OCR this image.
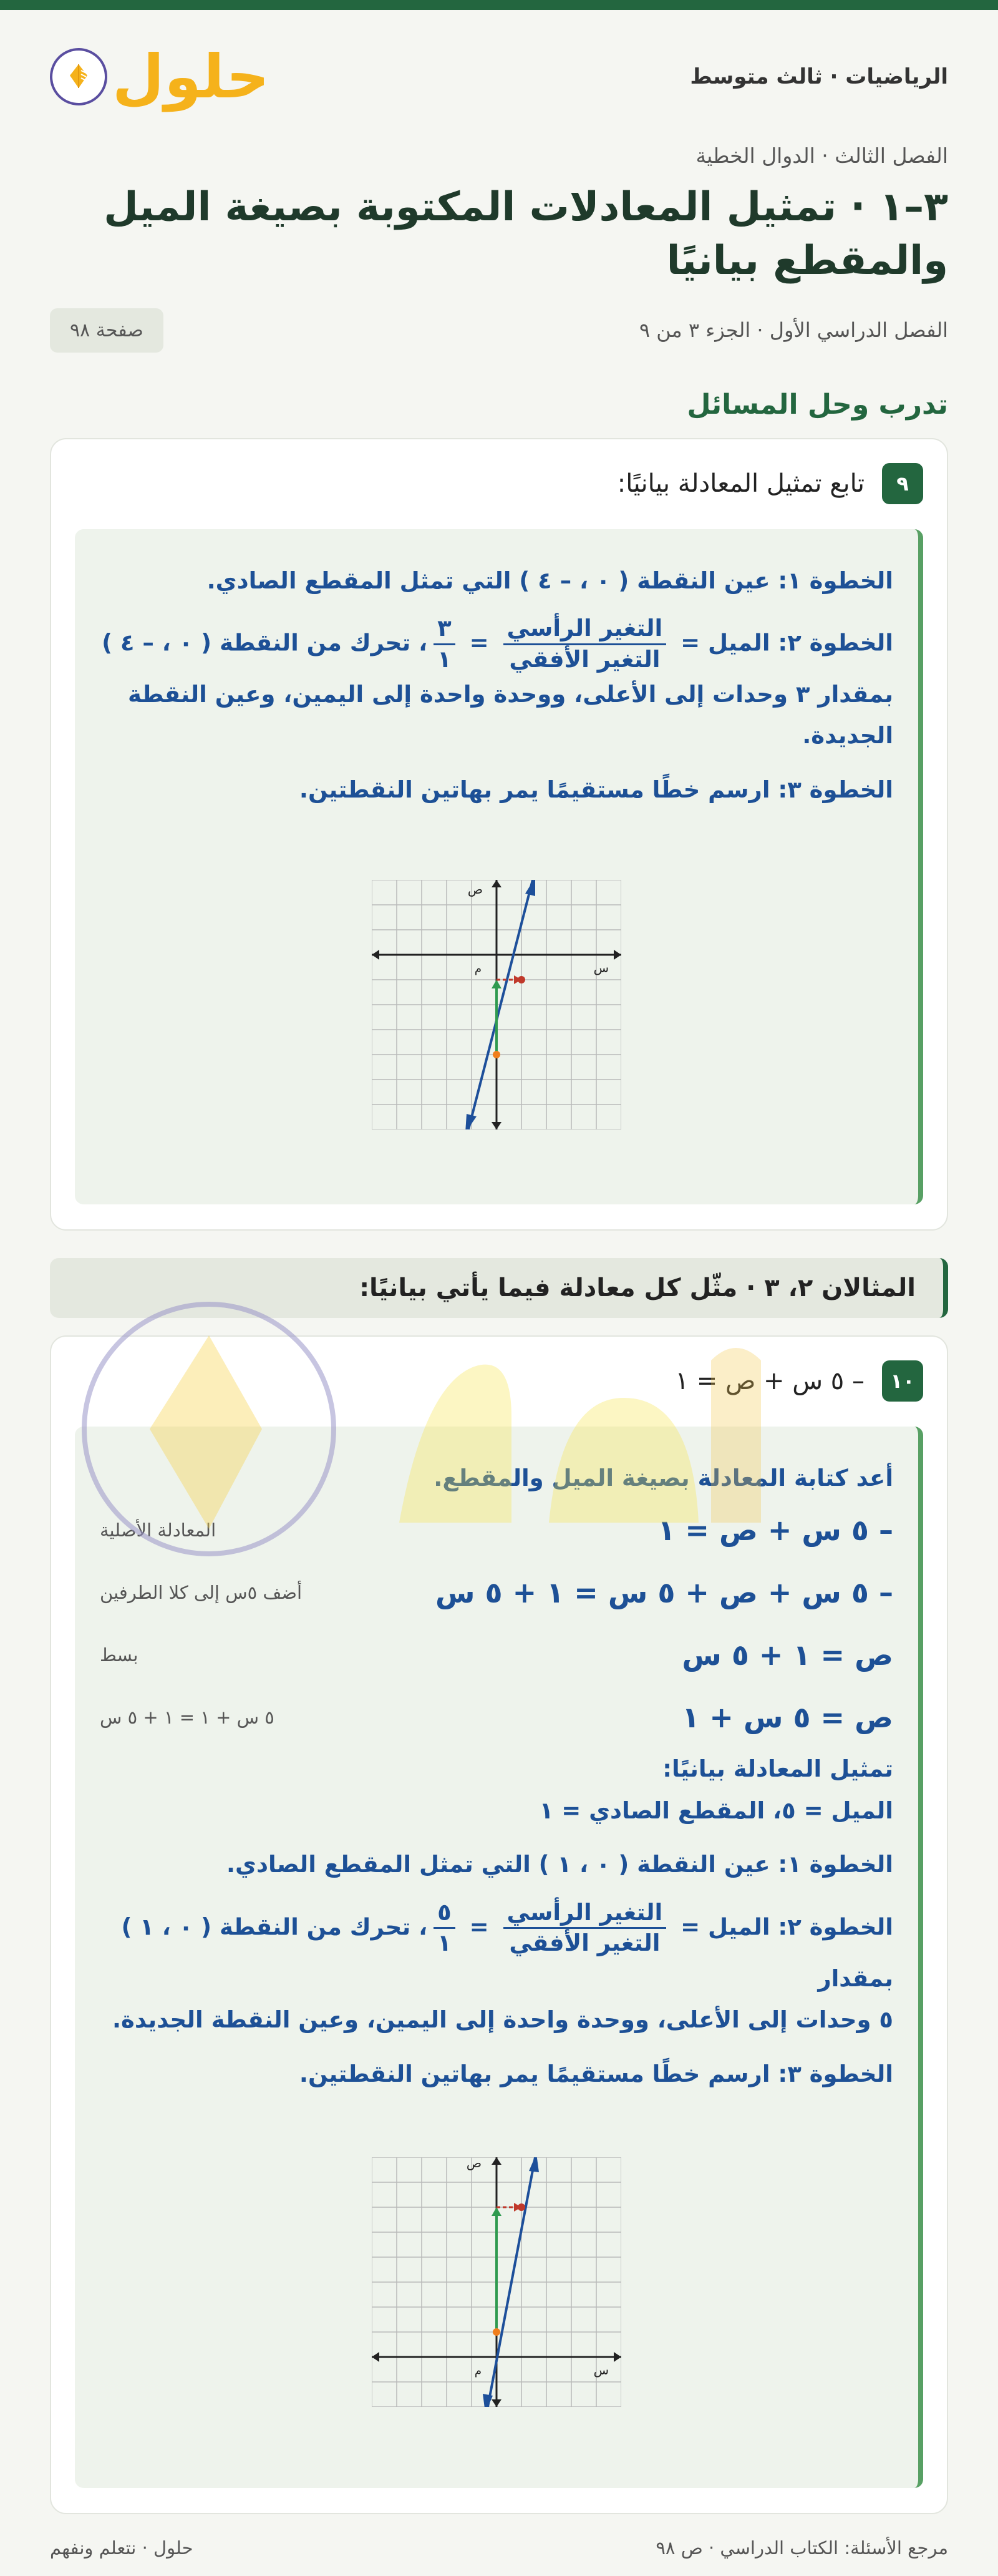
الرياضيات · ثالث متوسط
حلول
الفصل الثالث · الدوال الخطية
٣–١ · تمثيل المعادلات المكتوبة بصيغة الميل والمقطع بيانيًا
الفصل الدراسي الأول · الجزء ٣ من ٩
صفحة ٩٨
تدرب وحل المسائل
٩
تابع تمثيل المعادلة بيانيًا:

الخطوة ١: عين النقطة ( ٠ ، – ٤ ) التي تمثل المقطع الصادي.

الخطوة ٢: الميل =
$\frac{\text{التغير الرأسي}}{\text{التغير الأفقي}}$
=
$\frac{٣}{١}$
، تحرك من النقطة ( ٠ ، – ٤ )

بمقدار ٣ وحدات إلى الأعلى، ووحدة واحدة إلى اليمين، وعين النقطة الجديدة.

الخطوة ٣: ارسم خطًا مستقيمًا يمر بهاتين النقطتين.

ص
س
م
المثالان ٢، ٣ · مثّل كل معادلة فيما يأتي بيانيًا:
١٠
– ٥ س + ص = ١

أعد كتابة المعادلة بصيغة الميل والمقطع.

– ٥ س + ص = ١
المعادلة الأصلية
– ٥ س + ص + ٥ س = ١ + ٥ س
أضف ٥س إلى كلا الطرفين
ص = ١ + ٥ س
بسط
ص = ٥ س + ١
٥ س + ١ = ١ + ٥ س

تمثيل المعادلة بيانيًا:

الميل = ٥، المقطع الصادي = ١

الخطوة ١: عين النقطة ( ٠ ، ١ ) التي تمثل المقطع الصادي.

الخطوة ٢: الميل =
$\frac{\text{التغير الرأسي}}{\text{التغير الأفقي}}$
=
$\frac{٥}{١}$
، تحرك من النقطة ( ٠ ، ١ ) بمقدار

٥ وحدات إلى الأعلى، ووحدة واحدة إلى اليمين، وعين النقطة الجديدة.

الخطوة ٣: ارسم خطًا مستقيمًا يمر بهاتين النقطتين.

ص
س
م
مرجع الأسئلة: الكتاب الدراسي · ص ٩٨
حلول · نتعلم ونفهم
